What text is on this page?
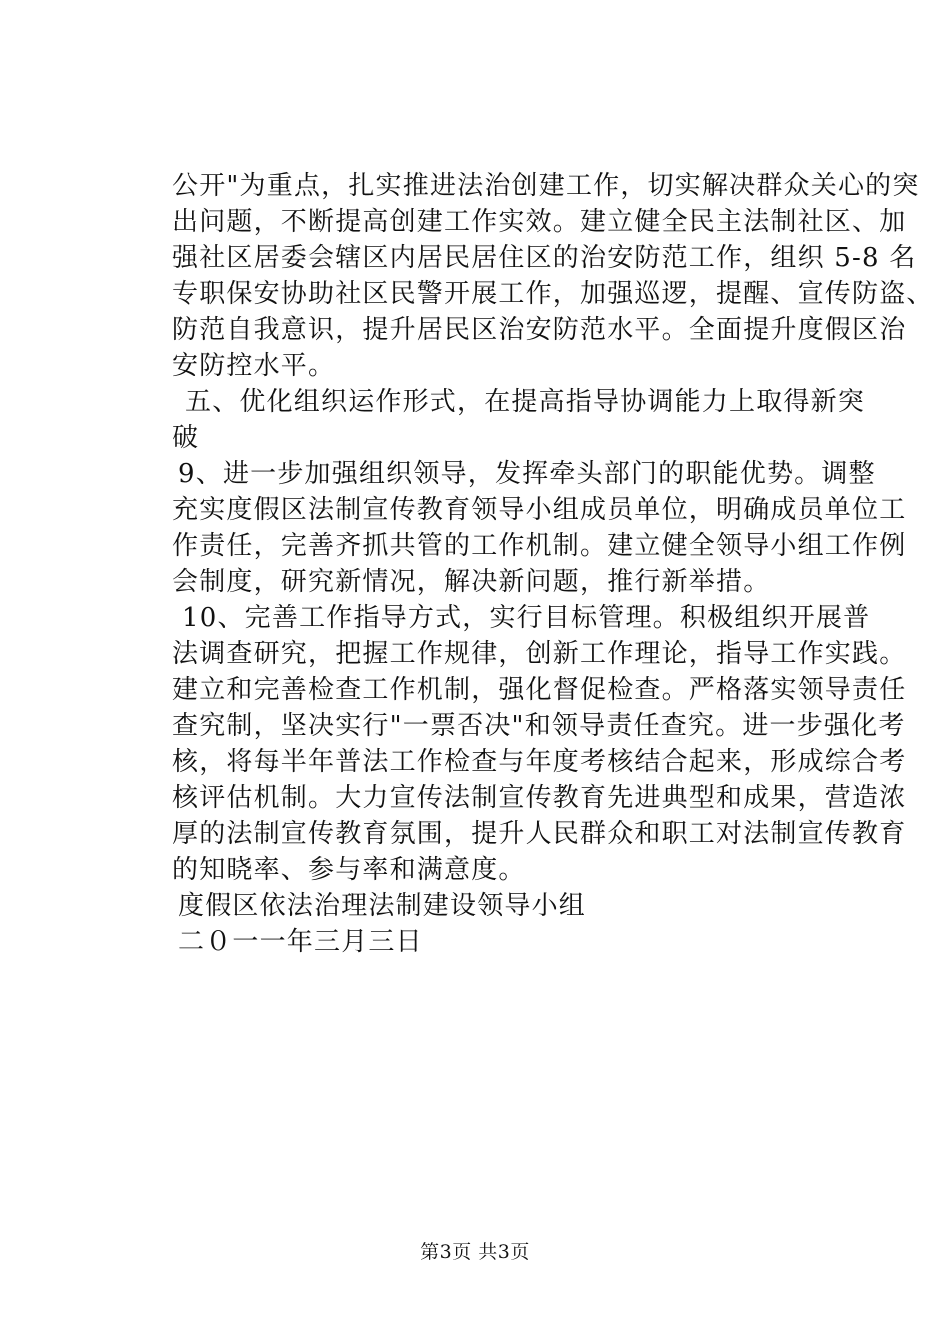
公开"为重点，扎实推进法治创建工作，切实解决群众关心的突
出问题，不断提高创建工作实效。建立健全民主法制社区、加
强社区居委会辖区内居民居住区的治安防范工作，组织 5-8 名
专职保安协助社区民警开展工作，加强巡逻，提醒、宣传防盗、
防范自我意识，提升居民区治安防范水平。全面提升度假区治
安防控水平。
五、优化组织运作形式，在提高指导协调能力上取得新突
破
9、进一步加强组织领导，发挥牵头部门的职能优势。调整
充实度假区法制宣传教育领导小组成员单位，明确成员单位工
作责任，完善齐抓共管的工作机制。建立健全领导小组工作例
会制度，研究新情况，解决新问题，推行新举措。
10、完善工作指导方式，实行目标管理。积极组织开展普
法调查研究，把握工作规律，创新工作理论，指导工作实践。
建立和完善检查工作机制，强化督促检查。严格落实领导责任
查究制，坚决实行"一票否决"和领导责任查究。进一步强化考
核，将每半年普法工作检查与年度考核结合起来，形成综合考
核评估机制。大力宣传法制宣传教育先进典型和成果，营造浓
厚的法制宣传教育氛围，提升人民群众和职工对法制宣传教育
的知晓率、参与率和满意度。
度假区依法治理法制建设领导小组
二０一一年三月三日
第3页 共3页
